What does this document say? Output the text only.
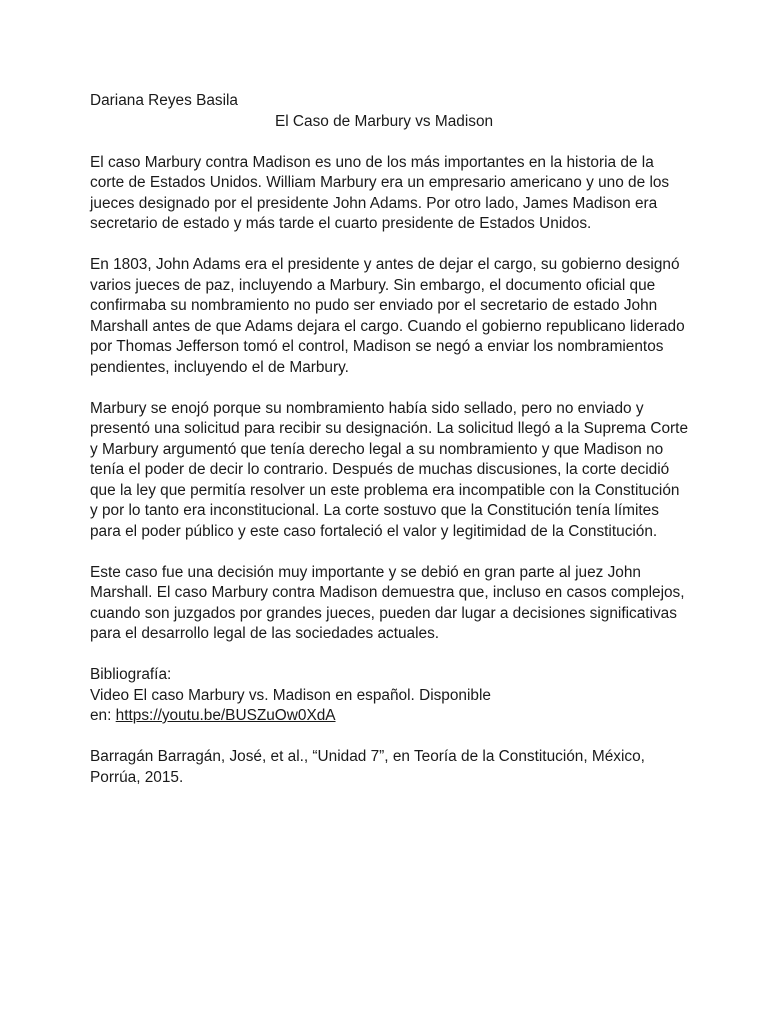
Dariana Reyes Basila
El Caso de Marbury vs Madison
El caso Marbury contra Madison es uno de los más importantes en la historia de la
corte de Estados Unidos. William Marbury era un empresario americano y uno de los
jueces designado por el presidente John Adams. Por otro lado, James Madison era
secretario de estado y más tarde el cuarto presidente de Estados Unidos.
En 1803, John Adams era el presidente y antes de dejar el cargo, su gobierno designó
varios jueces de paz, incluyendo a Marbury. Sin embargo, el documento oficial que
confirmaba su nombramiento no pudo ser enviado por el secretario de estado John
Marshall antes de que Adams dejara el cargo. Cuando el gobierno republicano liderado
por Thomas Jefferson tomó el control, Madison se negó a enviar los nombramientos
pendientes, incluyendo el de Marbury.
Marbury se enojó porque su nombramiento había sido sellado, pero no enviado y
presentó una solicitud para recibir su designación. La solicitud llegó a la Suprema Corte
y Marbury argumentó que tenía derecho legal a su nombramiento y que Madison no
tenía el poder de decir lo contrario. Después de muchas discusiones, la corte decidió
que la ley que permitía resolver un este problema era incompatible con la Constitución
y por lo tanto era inconstitucional. La corte sostuvo que la Constitución tenía límites
para el poder público y este caso fortaleció el valor y legitimidad de la Constitución.
Este caso fue una decisión muy importante y se debió en gran parte al juez John
Marshall. El caso Marbury contra Madison demuestra que, incluso en casos complejos,
cuando son juzgados por grandes jueces, pueden dar lugar a decisiones significativas
para el desarrollo legal de las sociedades actuales.
Bibliografía:
Video El caso Marbury vs. Madison en español. Disponible
en: https://youtu.be/BUSZuOw0XdA
Barragán Barragán, José, et al., “Unidad 7”, en Teoría de la Constitución, México,
Porrúa, 2015.
